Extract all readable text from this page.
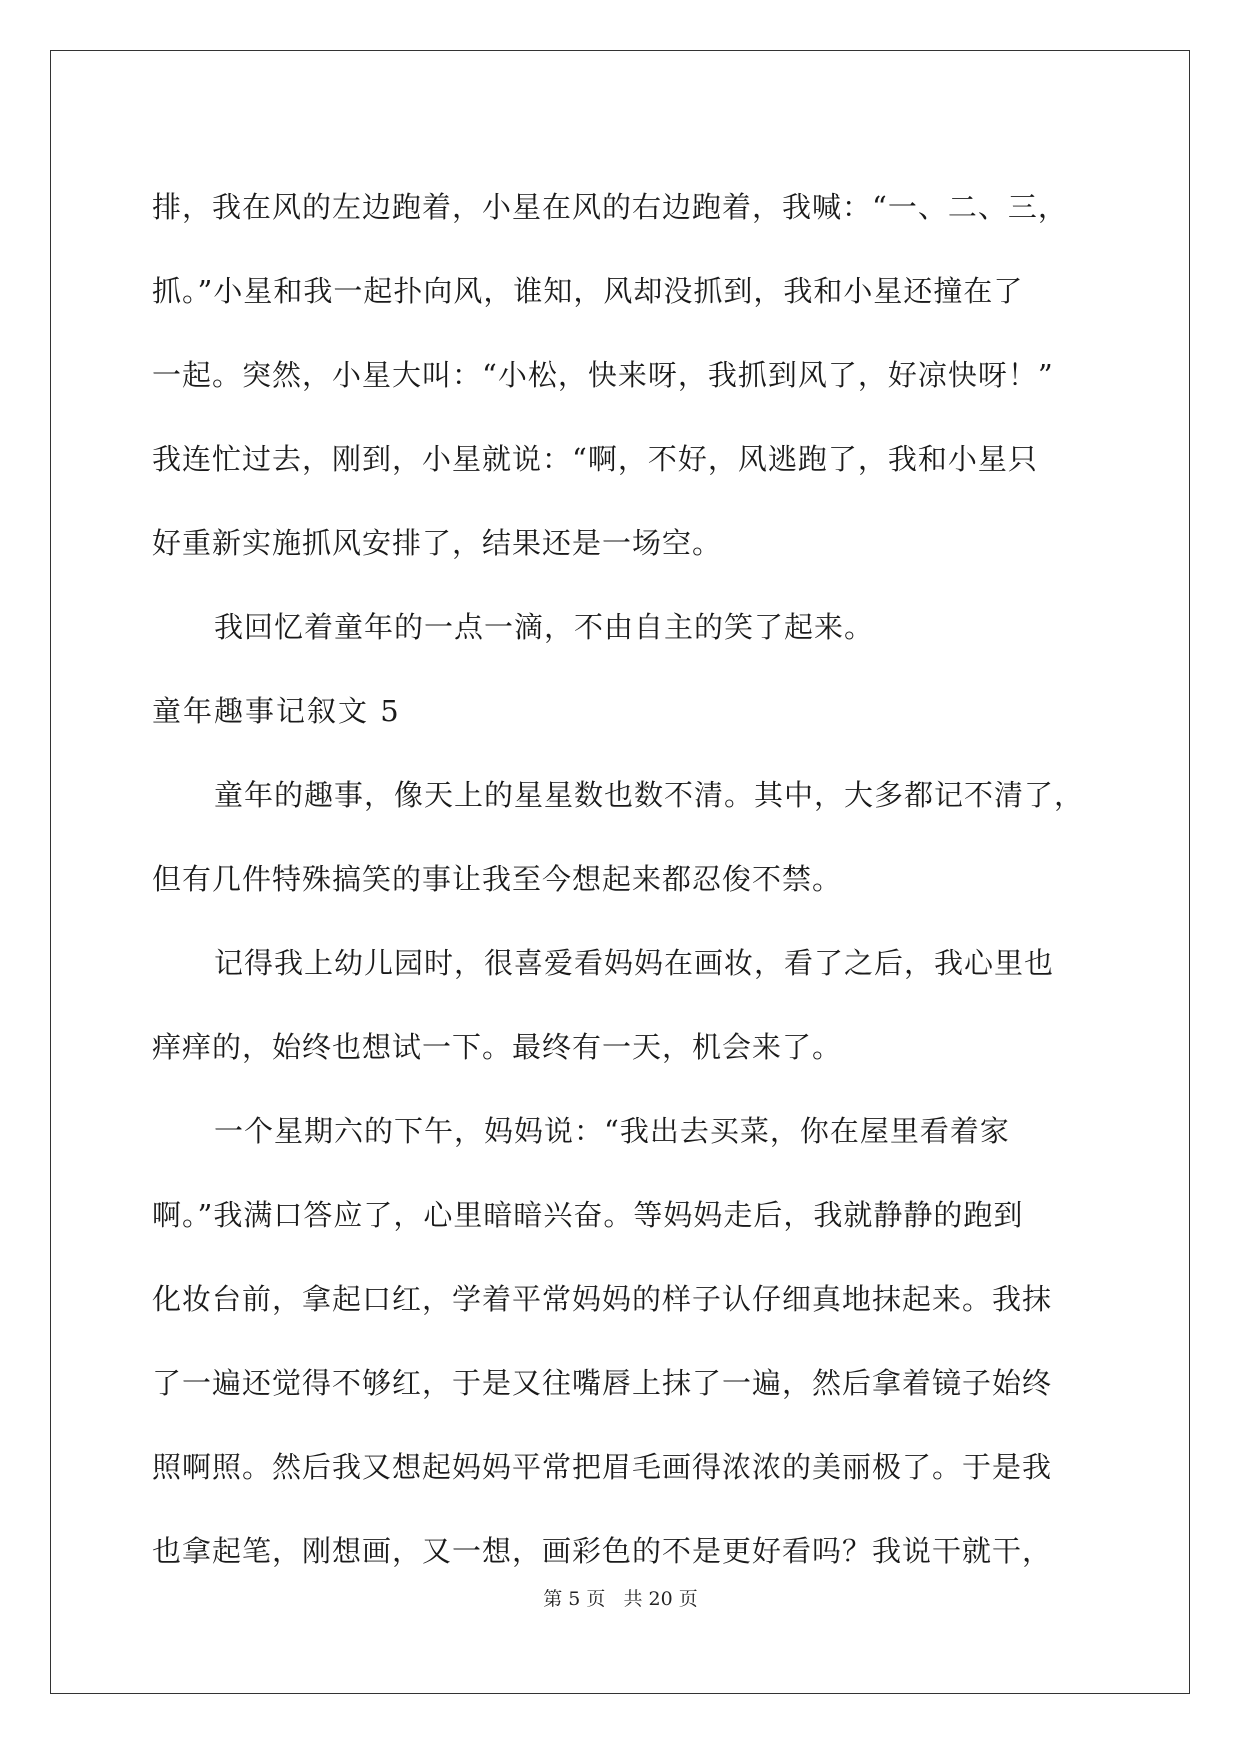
排，我在风的左边跑着，小星在风的右边跑着，我喊：“一、二、三，
抓。”小星和我一起扑向风，谁知，风却没抓到，我和小星还撞在了
一起。突然，小星大叫：“小松，快来呀，我抓到风了，好凉快呀！”
我连忙过去，刚到，小星就说：“啊，不好，风逃跑了，我和小星只
好重新实施抓风安排了，结果还是一场空。
我回忆着童年的一点一滴，不由自主的笑了起来。
童年趣事记叙文 5
童年的趣事，像天上的星星数也数不清。其中，大多都记不清了，
但有几件特殊搞笑的事让我至今想起来都忍俊不禁。
记得我上幼儿园时，很喜爱看妈妈在画妆，看了之后，我心里也
痒痒的，始终也想试一下。最终有一天，机会来了。
一个星期六的下午，妈妈说：“我出去买菜，你在屋里看着家
啊。”我满口答应了，心里暗暗兴奋。等妈妈走后，我就静静的跑到
化妆台前，拿起口红，学着平常妈妈的样子认仔细真地抹起来。我抹
了一遍还觉得不够红，于是又往嘴唇上抹了一遍，然后拿着镜子始终
照啊照。然后我又想起妈妈平常把眉毛画得浓浓的美丽极了。于是我
也拿起笔，刚想画，又一想，画彩色的不是更好看吗？我说干就干，
第 5 页   共 20 页
